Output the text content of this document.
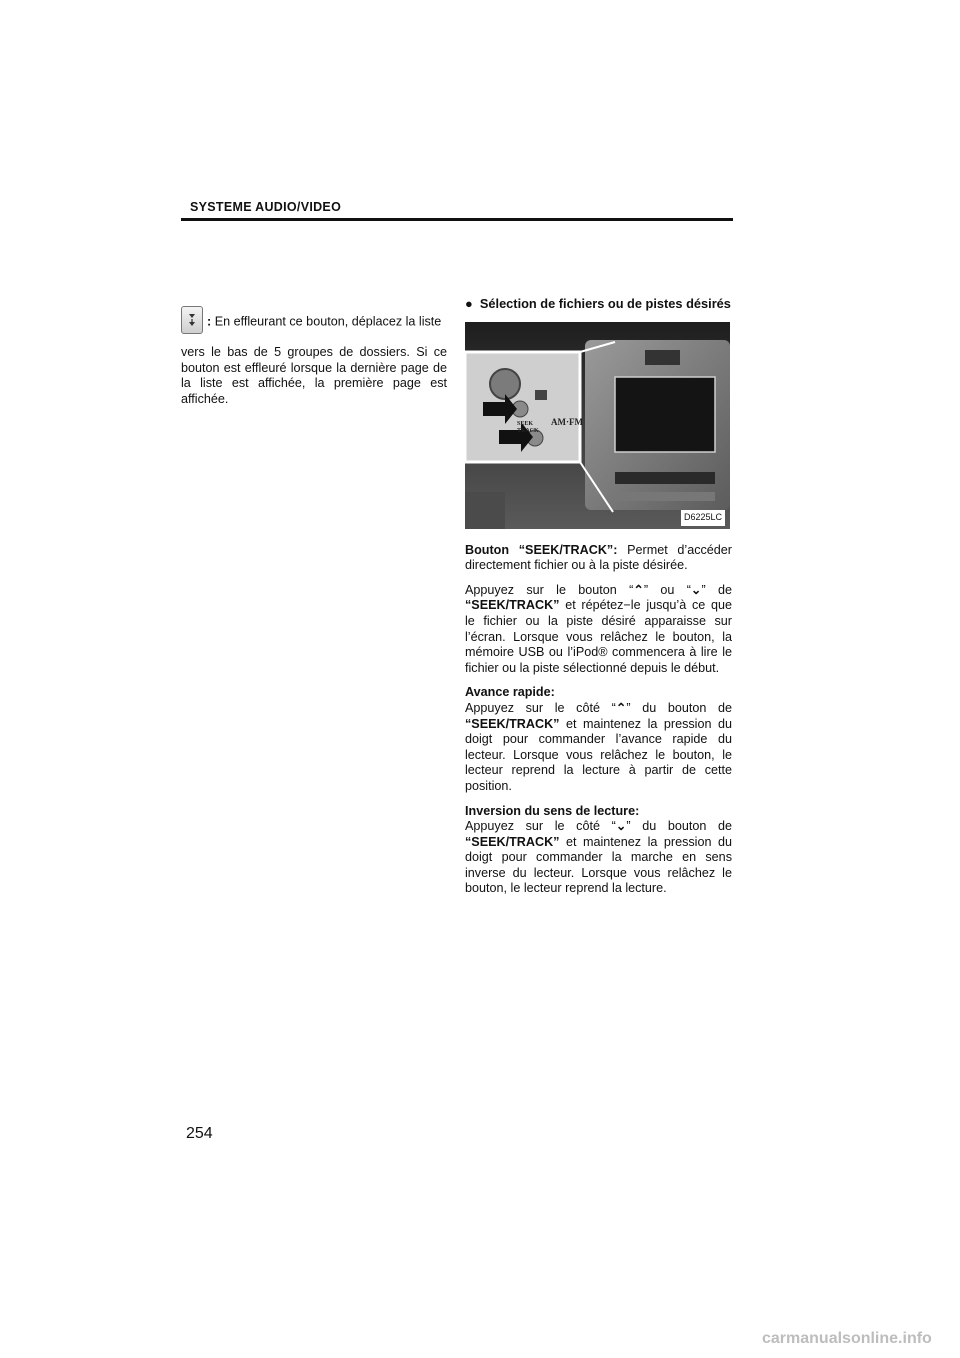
SYSTEME AUDIO/VIDEO

: En effleurant ce bouton, déplacez la liste

vers le bas de 5 groupes de dossiers. Si ce bouton est effleuré lorsque la dernière page de la liste est affichée, la première page est affichée.

● Sélection de fichiers ou de pistes désirés
SEEK
TRACK
AM·FM
D6225LC

Bouton “SEEK/TRACK”: Permet d’accéder directement fichier ou à la piste désirée.

Appuyez sur le bouton “⌃” ou “⌄” de “SEEK/TRACK” et répétez−le jusqu’à ce que le fichier ou la piste désiré apparaisse sur l’écran. Lorsque vous relâchez le bouton, la mémoire USB ou l’iPod® commencera à lire le fichier ou la piste sélectionné depuis le début.

Avance rapide:
Appuyez sur le côté “⌃” du bouton de “SEEK/TRACK” et maintenez la pression du doigt pour commander l’avance rapide du lecteur. Lorsque vous relâchez le bouton, le lecteur reprend la lecture à partir de cette position.

Inversion du sens de lecture:
Appuyez sur le côté “⌄” du bouton de “SEEK/TRACK” et maintenez la pression du doigt pour commander la marche en sens inverse du lecteur. Lorsque vous relâchez le bouton, le lecteur reprend la lecture.

254
carmanualsonline.info
